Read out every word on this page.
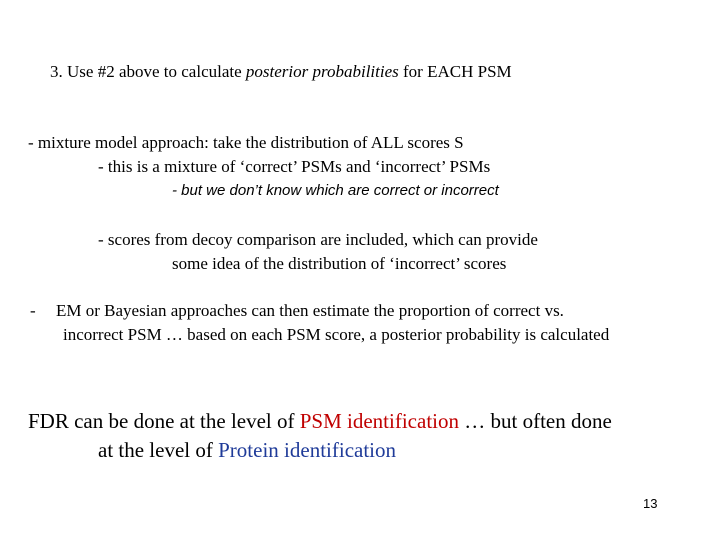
3. Use #2 above to calculate posterior probabilities for EACH PSM
- mixture model approach: take the distribution of ALL scores S
- this is a mixture of ‘correct’ PSMs and ‘incorrect’ PSMs
- but we don’t know which are correct or incorrect
- scores from decoy comparison are included, which can provide
some idea of the distribution of ‘incorrect’ scores
- EM or Bayesian approaches can then estimate the proportion of correct vs.
incorrect PSM … based on each PSM score, a posterior probability is calculated
FDR can be done at the level of PSM identification … but often done
at the level of Protein identification
13
